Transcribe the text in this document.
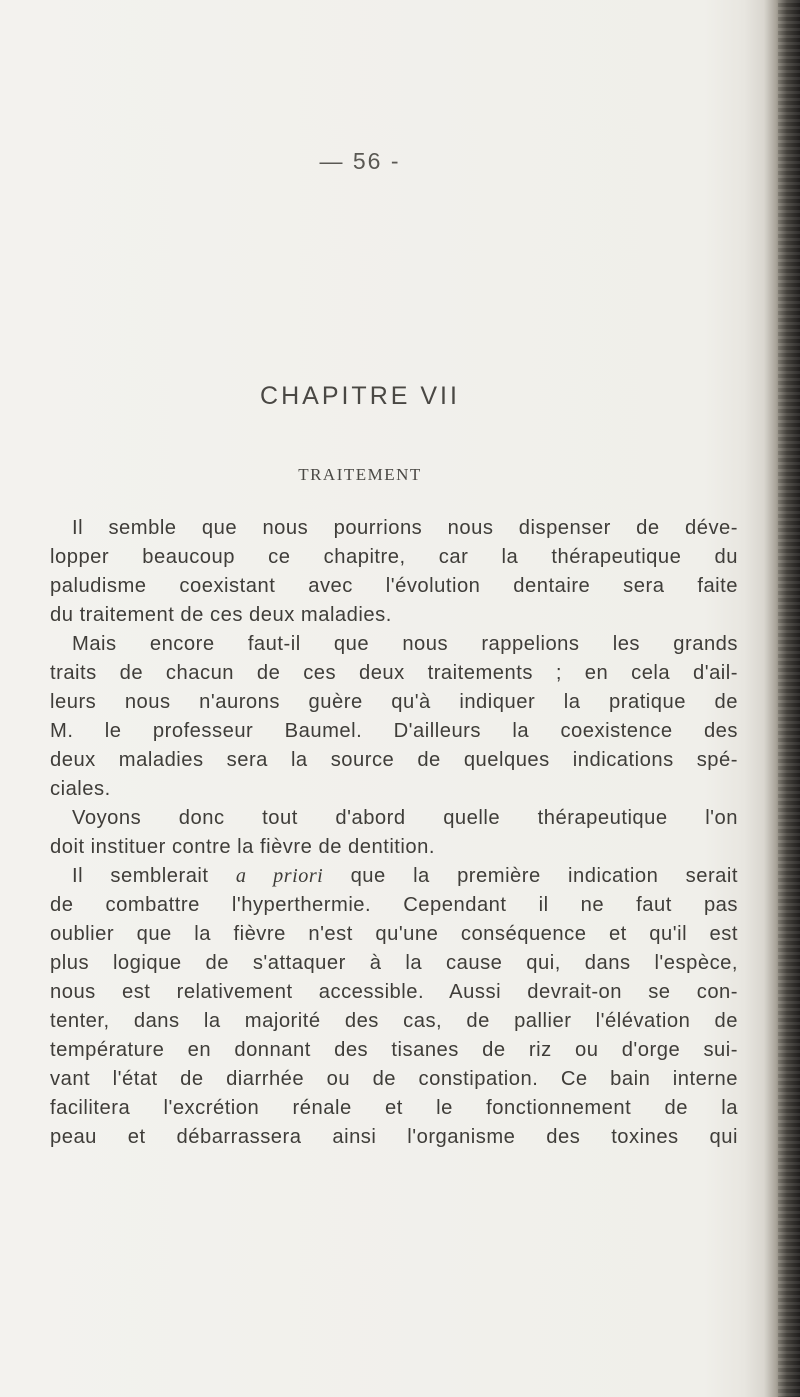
— 56 -
CHAPITRE VII
TRAITEMENT
Il semble que nous pourrions nous dispenser de déve-
lopper beaucoup ce chapitre, car la thérapeutique du
paludisme coexistant avec l'évolution dentaire sera faite
du traitement de ces deux maladies.
Mais encore faut-il que nous rappelions les grands
traits de chacun de ces deux traitements ; en cela d'ail-
leurs nous n'aurons guère qu'à indiquer la pratique de
M. le professeur Baumel. D'ailleurs la coexistence des
deux maladies sera la source de quelques indications spé-
ciales.
Voyons donc tout d'abord quelle thérapeutique l'on
doit instituer contre la fièvre de dentition.
Il semblerait a priori que la première indication serait
de combattre l'hyperthermie. Cependant il ne faut pas
oublier que la fièvre n'est qu'une conséquence et qu'il est
plus logique de s'attaquer à la cause qui, dans l'espèce,
nous est relativement accessible. Aussi devrait-on se con-
tenter, dans la majorité des cas, de pallier l'élévation de
température en donnant des tisanes de riz ou d'orge sui-
vant l'état de diarrhée ou de constipation. Ce bain interne
facilitera l'excrétion rénale et le fonctionnement de la
peau et débarrassera ainsi l'organisme des toxines qui
